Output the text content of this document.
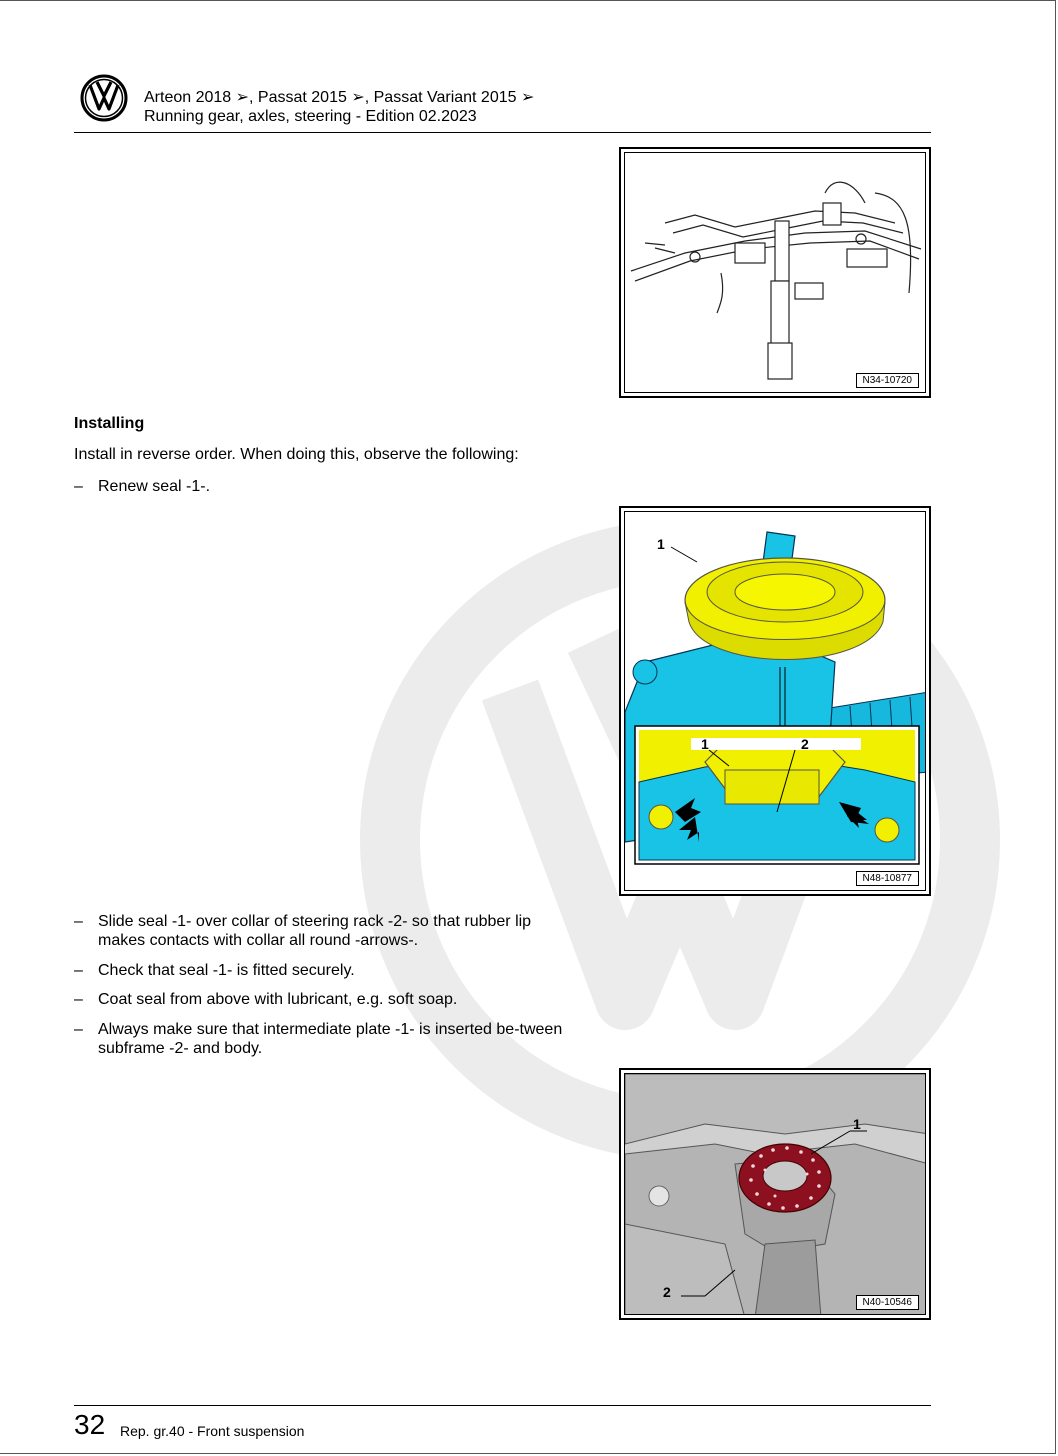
Arteon 2018 ➢, Passat 2015 ➢, Passat Variant 2015 ➢
Running gear, axles, steering - Edition 02.2023
N34-10720
Installing
Install in reverse order. When doing this, observe the following:
– Renew seal -1-.
1
1	2
N48-10877
– Slide seal -1- over collar of steering rack -2- so that rubber lip makes contacts with collar all round -arrows-.
– Check that seal -1- is fitted securely.
– Coat seal from above with lubricant, e.g. soft soap.
– Always make sure that intermediate plate -1- is inserted be-tween subframe -2- and body.
1
2
N40-10546
32 Rep. gr.40 - Front suspension
